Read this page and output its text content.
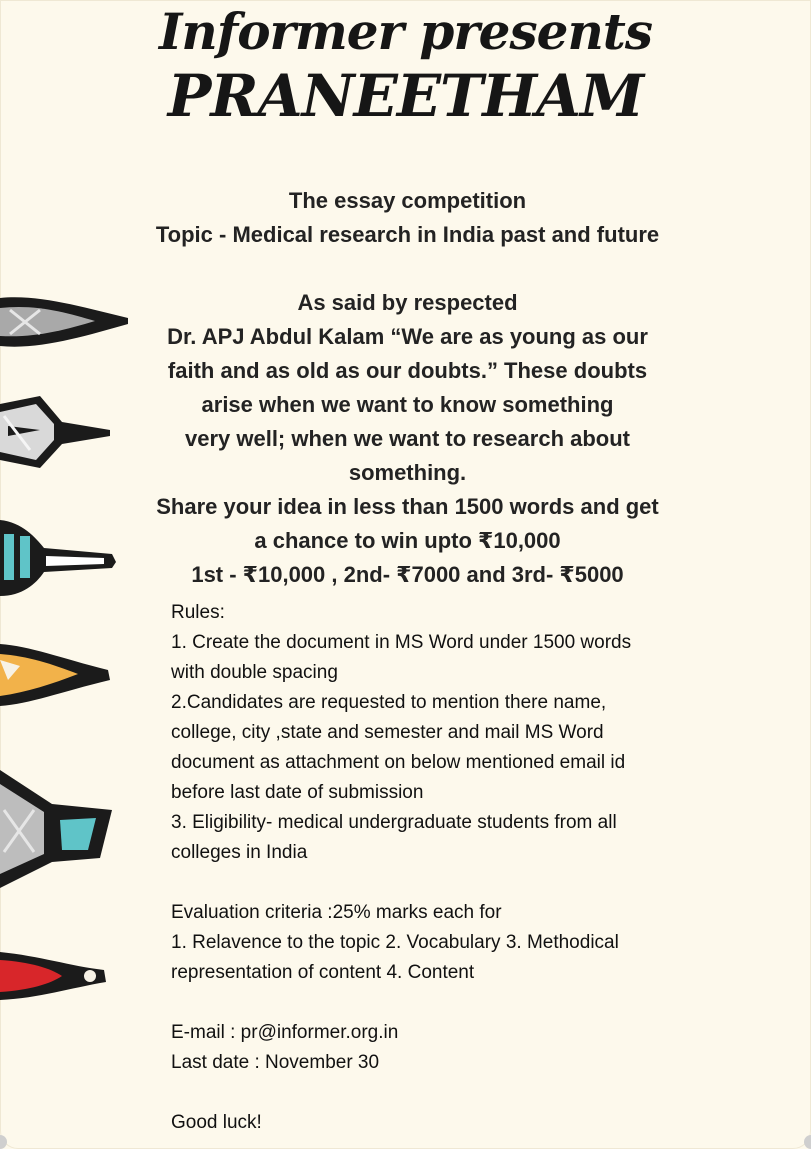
Informer presents
PRANEETHAM
The essay competition
Topic - Medical research in India past and future
As said by respected
Dr. APJ Abdul Kalam “We are as young as our
faith and as old as our doubts.” These doubts
arise when we want to know something
very well; when we want to research about
something.
Share your idea in less than 1500 words and get
a chance to win upto ₹10,000
1st - ₹10,000 , 2nd- ₹7000 and 3rd- ₹5000
Rules:
1. Create the document in MS Word under 1500 words
with double spacing
2.Candidates are requested to mention there name,
college, city ,state and semester and mail MS Word
document as attachment on below mentioned email id
before last date of submission
3. Eligibility- medical undergraduate students from all
colleges in India
Evaluation criteria :25% marks each for
1. Relavence to the topic 2. Vocabulary 3. Methodical
representation of content 4. Content
E-mail : pr@informer.org.in
Last date : November 30
Good luck!
